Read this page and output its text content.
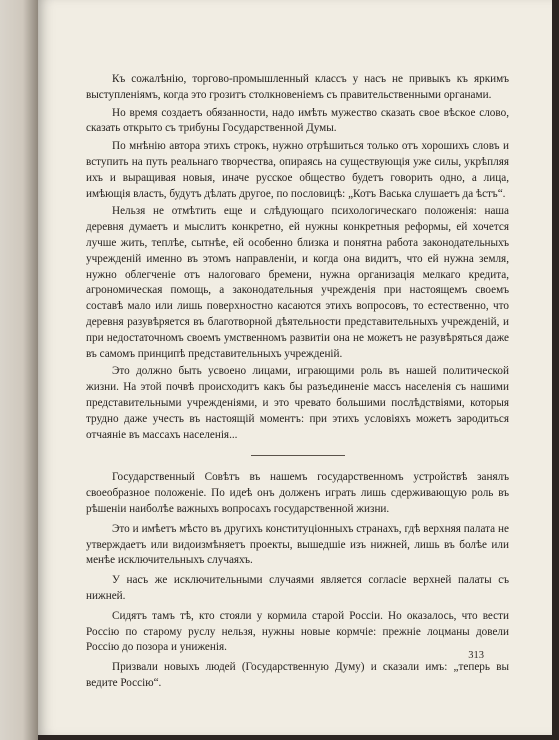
Къ сожалѣнію, торгово-промышленный классъ у насъ не привыкъ къ яркимъ выступленіямъ, когда это грозитъ столкновеніемъ съ правительственными органами.

Но время создаетъ обязанности, надо имѣть мужество сказать свое вѣское слово, сказать открыто съ трибуны Государственной Думы.

По мнѣнію автора этихъ строкъ, нужно отрѣшиться только отъ хорошихъ словъ и вступить на путь реальнаго творчества, опираясь на существующія уже силы, укрѣпляя ихъ и выращивая новыя, иначе русское общество будетъ говорить одно, а лица, имѣющія власть, будутъ дѣлать другое, по пословицѣ: „Котъ Васька слушаетъ да ѣстъ“.

Нельзя не отмѣтить еще и слѣдующаго психологическаго положенія: наша деревня думаетъ и мыслитъ конкретно, ей нужны конкретныя реформы, ей хочется лучше жить, теплѣе, сытнѣе, ей особенно близка и понятна работа законодательныхъ учрежденій именно въ этомъ направленіи, и когда она видитъ, что ей нужна земля, нужно облегченіе отъ налоговаго бремени, нужна организація мелкаго кредита, агрономическая помощь, а законодательныя учрежденія при настоящемъ своемъ составѣ мало или лишь поверхностно касаются этихъ вопросовъ, то естественно, что деревня разувѣряется въ благотворной дѣятельности представительныхъ учрежденій, и при недостаточномъ своемъ умственномъ развитіи она не можетъ не разувѣряться даже въ самомъ принципѣ представительныхъ учрежденій.

Это должно быть усвоено лицами, играющими роль въ нашей политической жизни. На этой почвѣ происходитъ какъ бы разъединеніе массъ населенія съ нашими представительными учрежденіями, и это чревато большими послѣдствіями, которыя трудно даже учесть въ настоящій моментъ: при этихъ условіяхъ можетъ зародиться отчаяніе въ массахъ населенія...

Государственный Совѣтъ въ нашемъ государственномъ устройствѣ занялъ своеобразное положеніе. По идеѣ онъ долженъ играть лишь сдерживающую роль въ рѣшеніи наиболѣе важныхъ вопросахъ государственной жизни.

Это и имѣетъ мѣсто въ другихъ конституціонныхъ странахъ, гдѣ верхняя палата не утверждаетъ или видоизмѣняетъ проекты, вышедшіе изъ нижней, лишь въ болѣе или менѣе исключительныхъ случаяхъ.

У насъ же исключительными случаями является согласіе верхней палаты съ нижней.

Сидятъ тамъ тѣ, кто стояли у кормила старой Россіи. Но оказалось, что вести Россію по старому руслу нельзя, нужны новые кормчіе: прежніе лоцманы довели Россію до позора и униженія.

Призвали новыхъ людей (Государственную Думу) и сказали имъ: „теперь вы ведите Россію“.

313
